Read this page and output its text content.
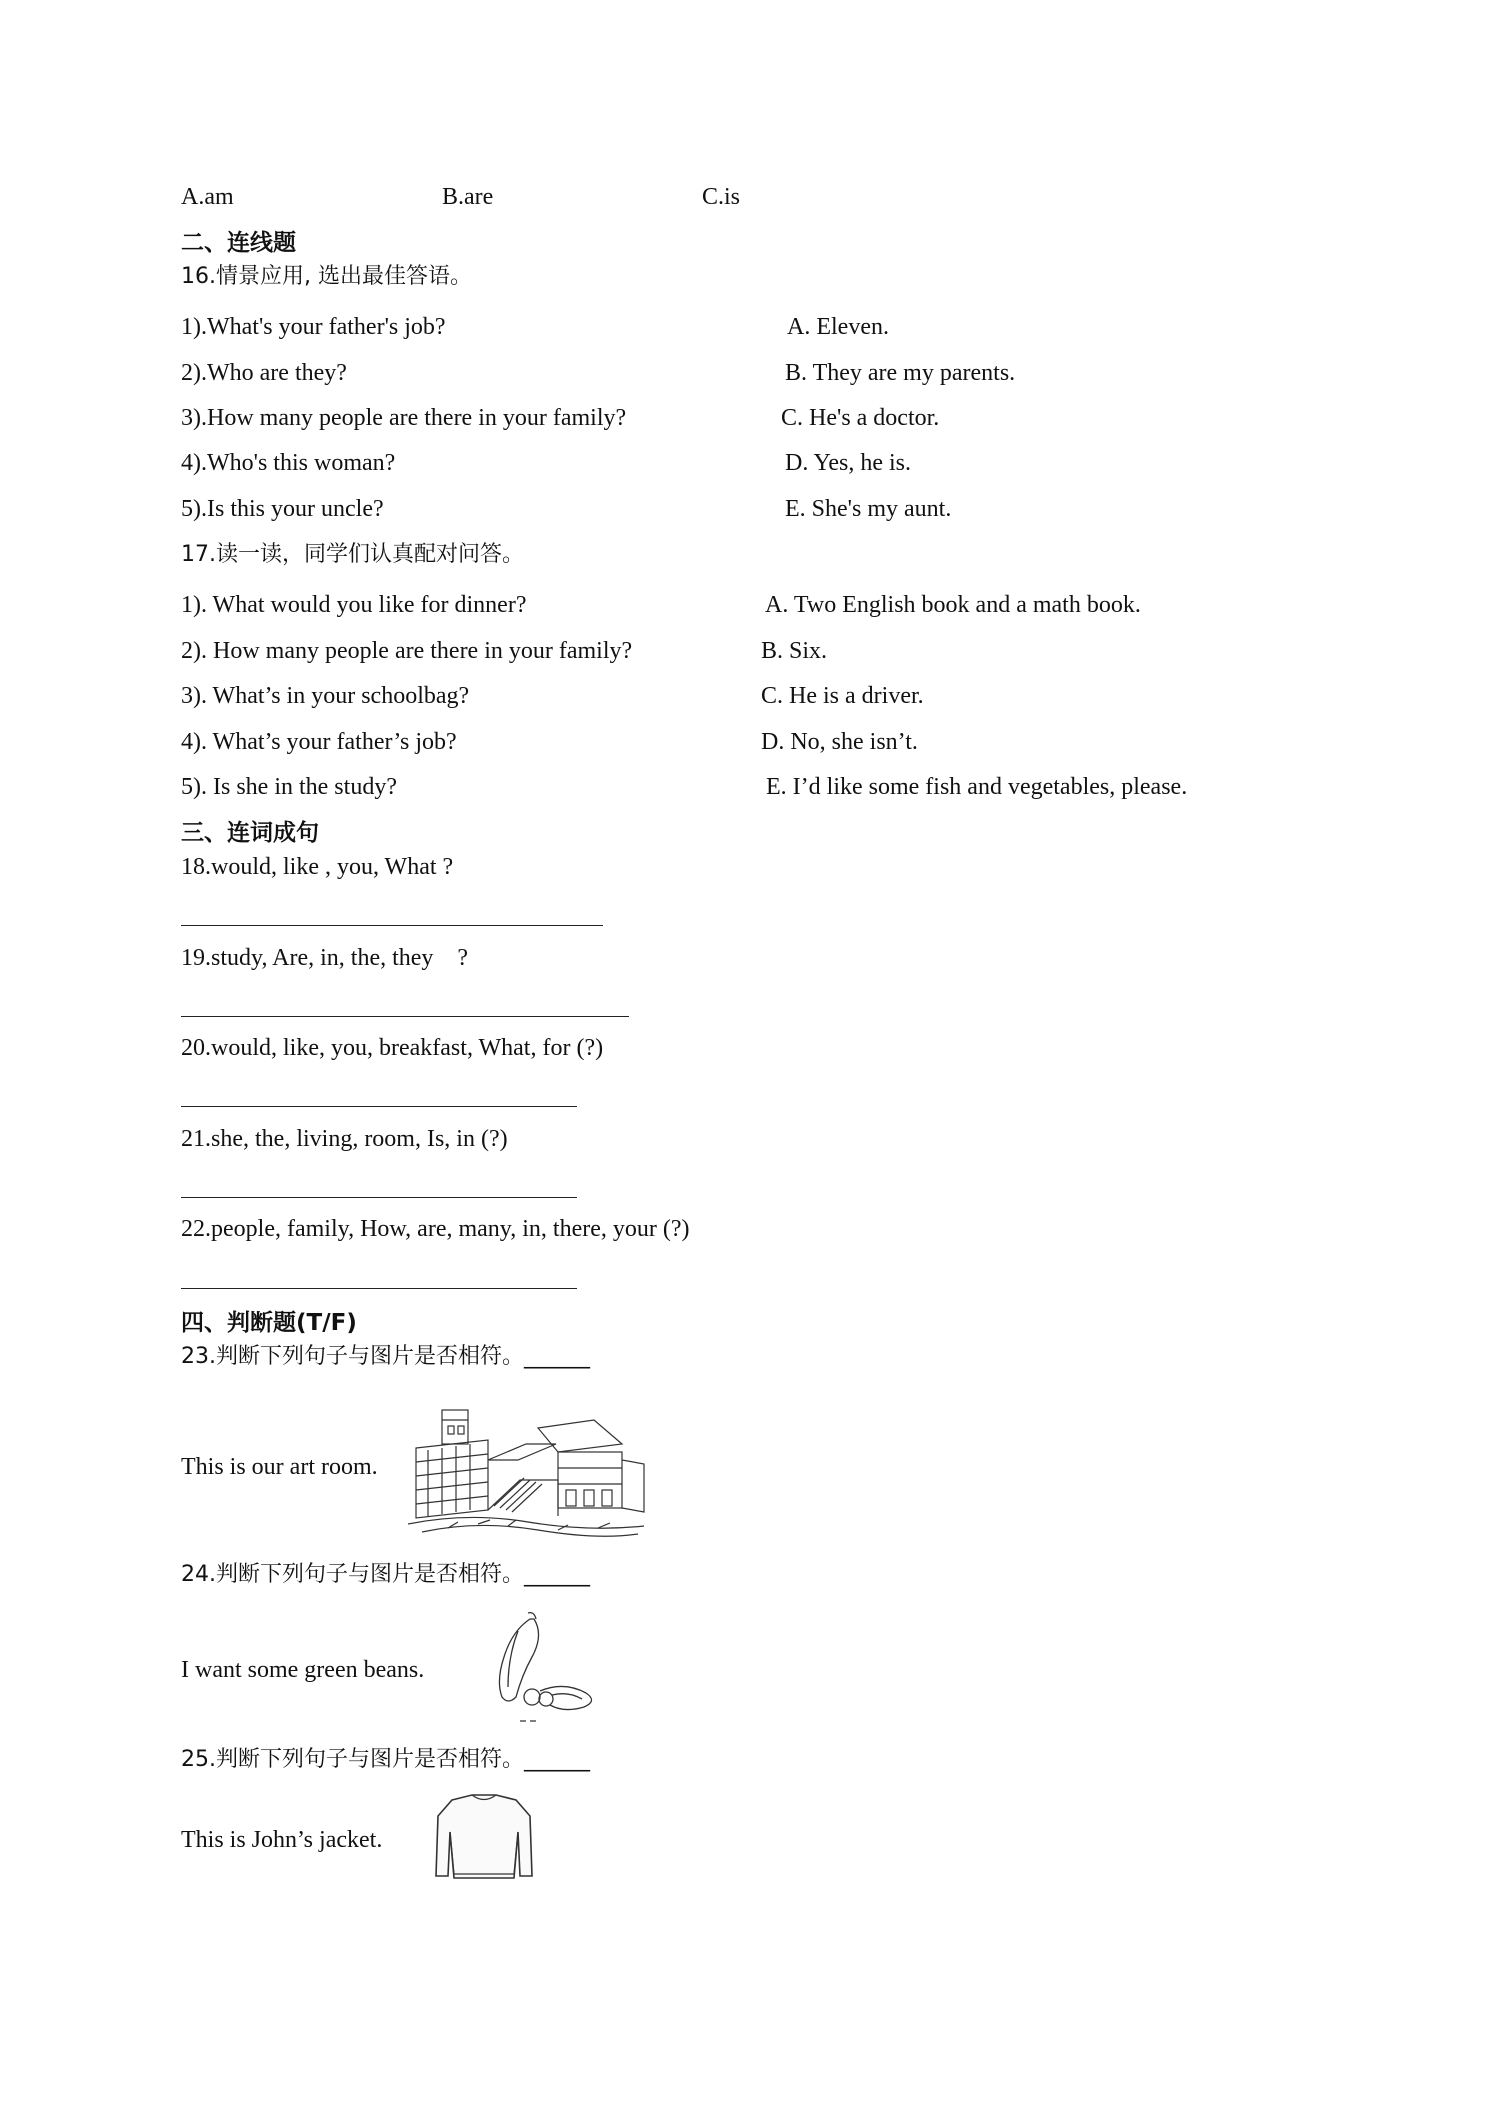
A.am	B.are	C.is
二、连线题
16.情景应用, 选出最佳答语。
1).What's your father's job?
2).Who are they?
3).How many people are there in your family?
4).Who's this woman?
5).Is this your uncle?
A. Eleven.
B. They are my parents.
C. He's a doctor.
D. Yes, he is.
E. She's my aunt.
17.读一读，同学们认真配对问答。
1). What would you like for dinner?
2). How many people are there in your family?
3). What’s in your schoolbag?
4). What’s your father’s job?
5). Is she in the study?
A. Two English book and a math book.
B. Six.
C. He is a driver.
D. No, she isn’t.
E. I’d like some fish and vegetables, please.
三、连词成句
18.would, like , you, What ?
19.study, Are, in, the, they　?
20.would, like, you, breakfast, What, for (?)
21.she, the, living, room, Is, in (?)
22.people, family, How, are, many, in, there, your (?)
四、判断题(T/F)
23.判断下列句子与图片是否相符。______
This is our art room.
24.判断下列句子与图片是否相符。______
I want some green beans.
25.判断下列句子与图片是否相符。______
This is John’s jacket.
